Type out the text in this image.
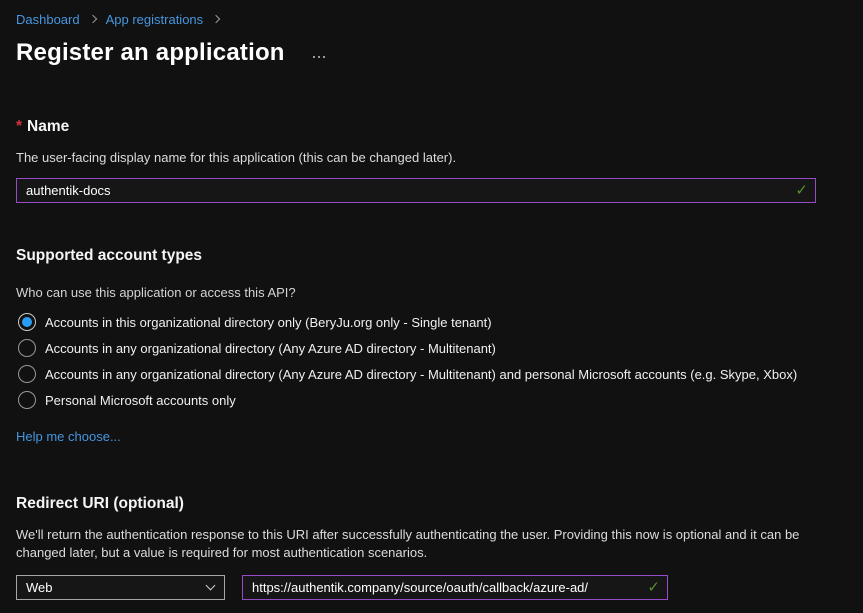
Dashboard App registrations
Register an application
* Name
The user-facing display name for this application (this can be changed later).
authentik-docs
✓
Supported account types
Who can use this application or access this API?
Accounts in this organizational directory only (BeryJu.org only - Single tenant)
Accounts in any organizational directory (Any Azure AD directory - Multitenant)
Accounts in any organizational directory (Any Azure AD directory - Multitenant) and personal Microsoft accounts (e.g. Skype, Xbox)
Personal Microsoft accounts only
Help me choose...
Redirect URI (optional)
We'll return the authentication response to this URI after successfully authenticating the user. Providing this now is optional and it can be changed later, but a value is required for most authentication scenarios.
Web
https://authentik.company/source/oauth/callback/azure-ad/	✓
